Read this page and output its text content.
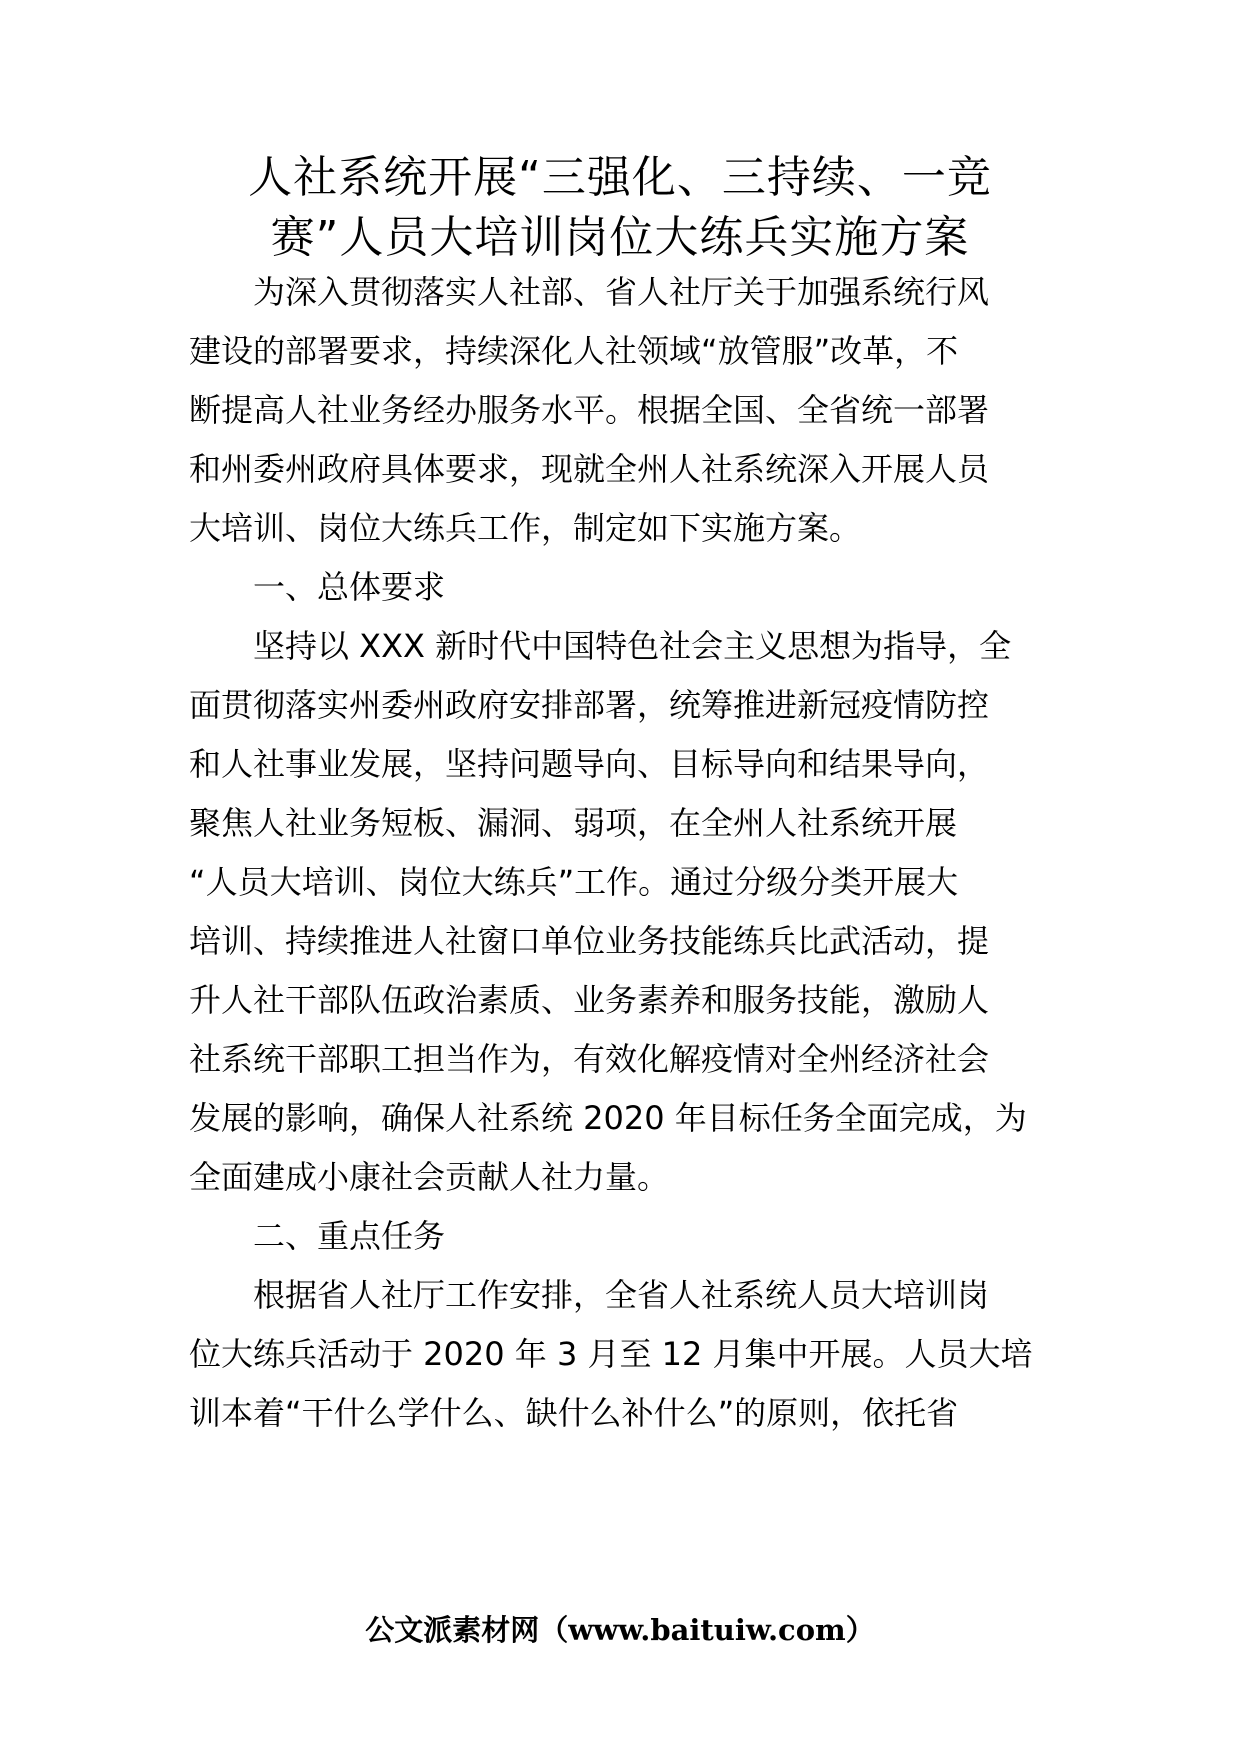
人社系统开展“三强化、三持续、一竞
赛”人员大培训岗位大练兵实施方案
为深入贯彻落实人社部、省人社厅关于加强系统行风
建设的部署要求，持续深化人社领域“放管服”改革，不
断提高人社业务经办服务水平。根据全国、全省统一部署
和州委州政府具体要求，现就全州人社系统深入开展人员
大培训、岗位大练兵工作，制定如下实施方案。
一、总体要求
坚持以 XXX 新时代中国特色社会主义思想为指导，全
面贯彻落实州委州政府安排部署，统筹推进新冠疫情防控
和人社事业发展，坚持问题导向、目标导向和结果导向，
聚焦人社业务短板、漏洞、弱项，在全州人社系统开展
“人员大培训、岗位大练兵”工作。通过分级分类开展大
培训、持续推进人社窗口单位业务技能练兵比武活动，提
升人社干部队伍政治素质、业务素养和服务技能，激励人
社系统干部职工担当作为，有效化解疫情对全州经济社会
发展的影响，确保人社系统 2020 年目标任务全面完成，为
全面建成小康社会贡献人社力量。
二、重点任务
根据省人社厅工作安排，全省人社系统人员大培训岗
位大练兵活动于 2020 年 3 月至 12 月集中开展。人员大培
训本着“干什么学什么、缺什么补什么”的原则，依托省
公文派素材网（www.baituiw.com）
